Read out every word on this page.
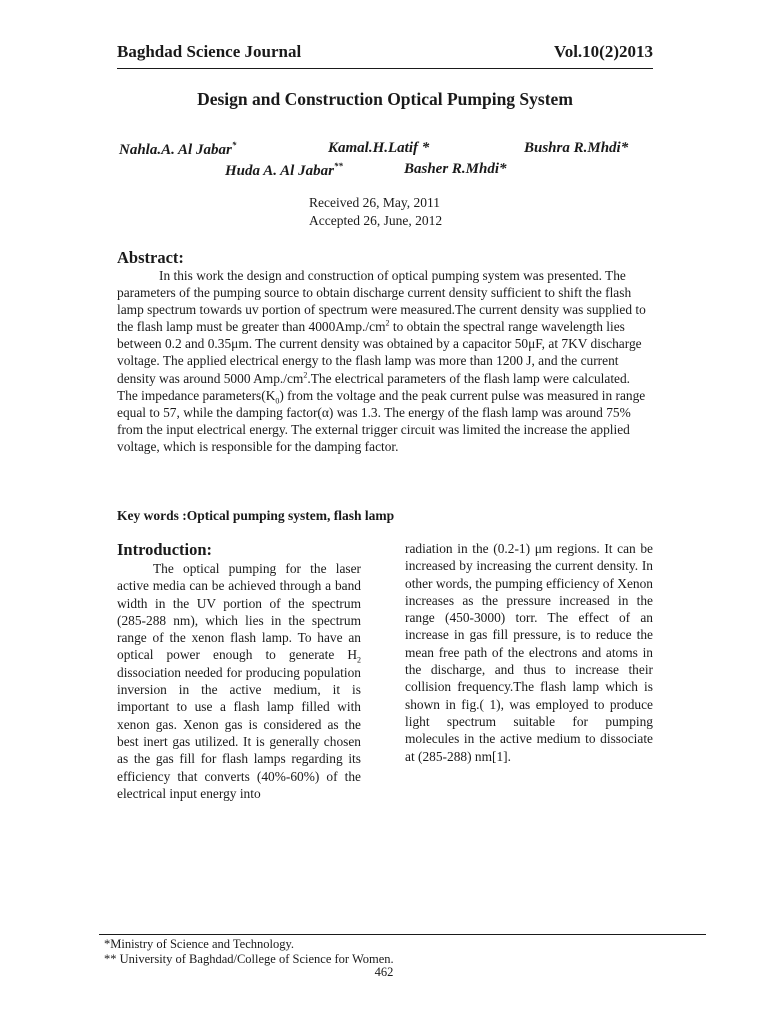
Baghdad Science Journal	Vol.10(2)2013
Design and Construction Optical Pumping System
Nahla.A. Al Jabar*	Kamal.H.Latif *	Bushra R.Mhdi*
Huda A. Al Jabar**	Basher R.Mhdi*
Received 26, May, 2011
Accepted 26, June, 2012
Abstract:

In this work the design and construction of optical pumping system was presented. The parameters of the pumping source to obtain discharge current density sufficient to shift the flash lamp spectrum towards uv portion of spectrum were measured.The current density was supplied to the flash lamp must be greater than $4000Amp./cm^2$ to obtain the spectral range wavelength lies between 0.2 and 0.35μm. The current density was obtained by a capacitor 50μF, at 7KV discharge voltage. The applied electrical energy to the flash lamp was more than 1200 J, and the current density was around 5000 $Amp./cm^2.The$ electrical parameters of the flash lamp were calculated. The impedance $parameters(K_0)$ from the voltage and the peak current pulse was measured in range equal to 57, while the damping factor(α) was 1.3. The energy of the flash lamp was around 75% from the input electrical energy. The external trigger circuit was limited the increase the applied voltage, which is responsible for the damping factor.

Key words :Optical pumping system, flash lamp
Introduction:

The optical pumping for the laser active media can be achieved through a band width in the UV portion of the spectrum (285-288 nm), which lies in the spectrum range of the xenon flash lamp. To have an optical power enough to generate $H_2$ dissociation needed for producing population inversion in the active medium, it is important to use a flash lamp filled with xenon gas. Xenon gas is considered as the best inert gas utilized. It is generally chosen as the gas fill for flash lamps regarding its efficiency that converts (40%-60%) of the electrical input energy into

radiation in the (0.2-1) μm regions. It can be increased by increasing the current density. In other words, the pumping efficiency of Xenon increases as the pressure increased in the range (450-3000) torr. The effect of an increase in gas fill pressure, is to reduce the mean free path of the electrons and atoms in the discharge, and thus to increase their collision frequency.The flash lamp which is shown in fig.( 1), was employed to produce light spectrum suitable for pumping molecules in the active medium to dissociate at (285-288) nm[1].

*Ministry of Science and Technology.
** University of Baghdad/College of Science for Women.
462
